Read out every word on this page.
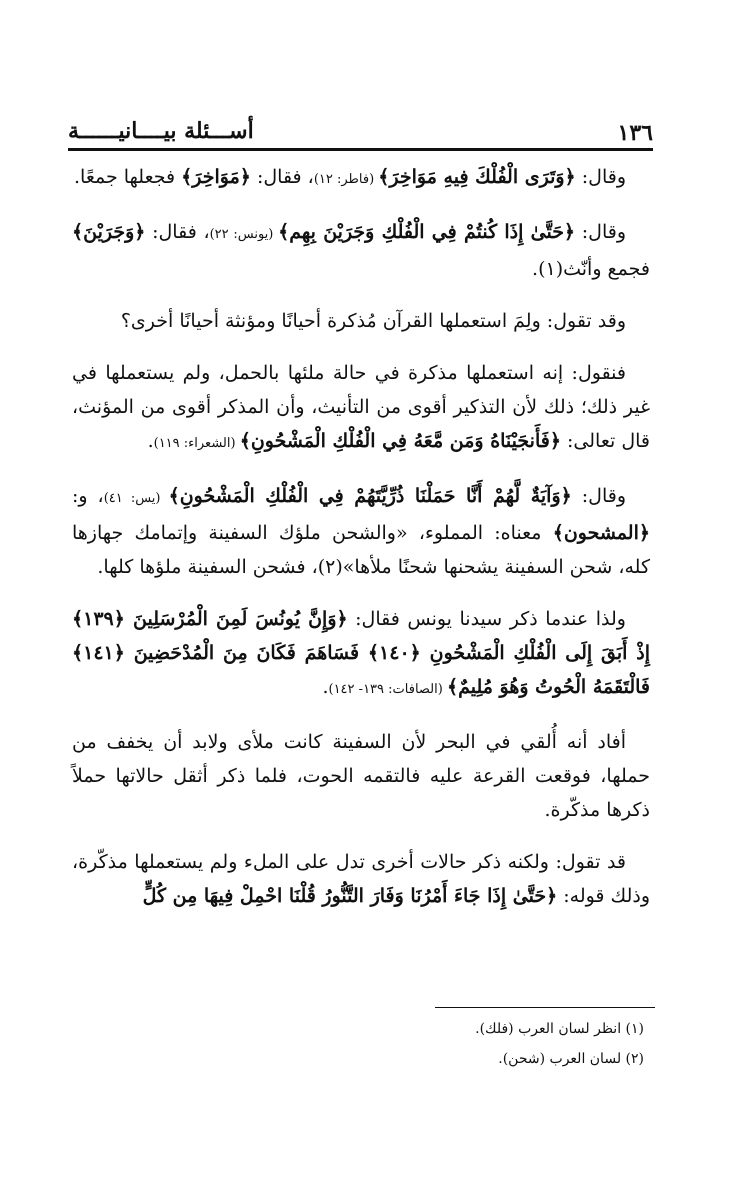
١٣٦
أســـئلة بيــــانيــــــة

وقال: ﴿وَتَرَى الْفُلْكَ فِيهِ مَوَاخِرَ﴾ (فاطر: ١٢)، فقال: ﴿مَوَاخِرَ﴾ فجعلها جمعًا.

وقال: ﴿حَتَّىٰ إِذَا كُنتُمْ فِي الْفُلْكِ وَجَرَيْنَ بِهِم﴾ (يونس: ٢٢)، فقال: ﴿وَجَرَيْنَ﴾ فجمع وأنّث(١).

وقد تقول: ولِمَ استعملها القرآن مُذكرة أحيانًا ومؤنثة أحيانًا أخرى؟

فنقول: إنه استعملها مذكرة في حالة ملئها بالحمل، ولم يستعملها في غير ذلك؛ ذلك لأن التذكير أقوى من التأنيث، وأن المذكر أقوى من المؤنث، قال تعالى: ﴿فَأَنجَيْنَاهُ وَمَن مَّعَهُ فِي الْفُلْكِ الْمَشْحُونِ﴾ (الشعراء: ١١٩).

وقال: ﴿وَآيَةٌ لَّهُمْ أَنَّا حَمَلْنَا ذُرِّيَّتَهُمْ فِي الْفُلْكِ الْمَشْحُونِ﴾ (يس: ٤١)، و: ﴿المشحون﴾ معناه: المملوء، «والشحن ملؤك السفينة وإتمامك جهازها كله، شحن السفينة يشحنها شحنًا ملأها»(٢)، فشحن السفينة ملؤها كلها.

ولذا عندما ذكر سيدنا يونس فقال: ﴿وَإِنَّ يُونُسَ لَمِنَ الْمُرْسَلِينَ ﴿١٣٩﴾ إِذْ أَبَقَ إِلَى الْفُلْكِ الْمَشْحُونِ ﴿١٤٠﴾ فَسَاهَمَ فَكَانَ مِنَ الْمُدْحَضِينَ ﴿١٤١﴾ فَالْتَقَمَهُ الْحُوتُ وَهُوَ مُلِيمٌ﴾ (الصافات: ١٣٩- ١٤٢).

أفاد أنه أُلقي في البحر لأن السفينة كانت ملأى ولابد أن يخفف من حملها، فوقعت القرعة عليه فالتقمه الحوت، فلما ذكر أثقل حالاتها حملاً ذكرها مذكّرة.

قد تقول: ولكنه ذكر حالات أخرى تدل على الملء ولم يستعملها مذكّرة، وذلك قوله: ﴿حَتَّىٰ إِذَا جَاءَ أَمْرُنَا وَفَارَ التَّنُّورُ قُلْنَا احْمِلْ فِيهَا مِن كُلٍّ

(١) انظر لسان العرب (فلك).

(٢) لسان العرب (شحن).
